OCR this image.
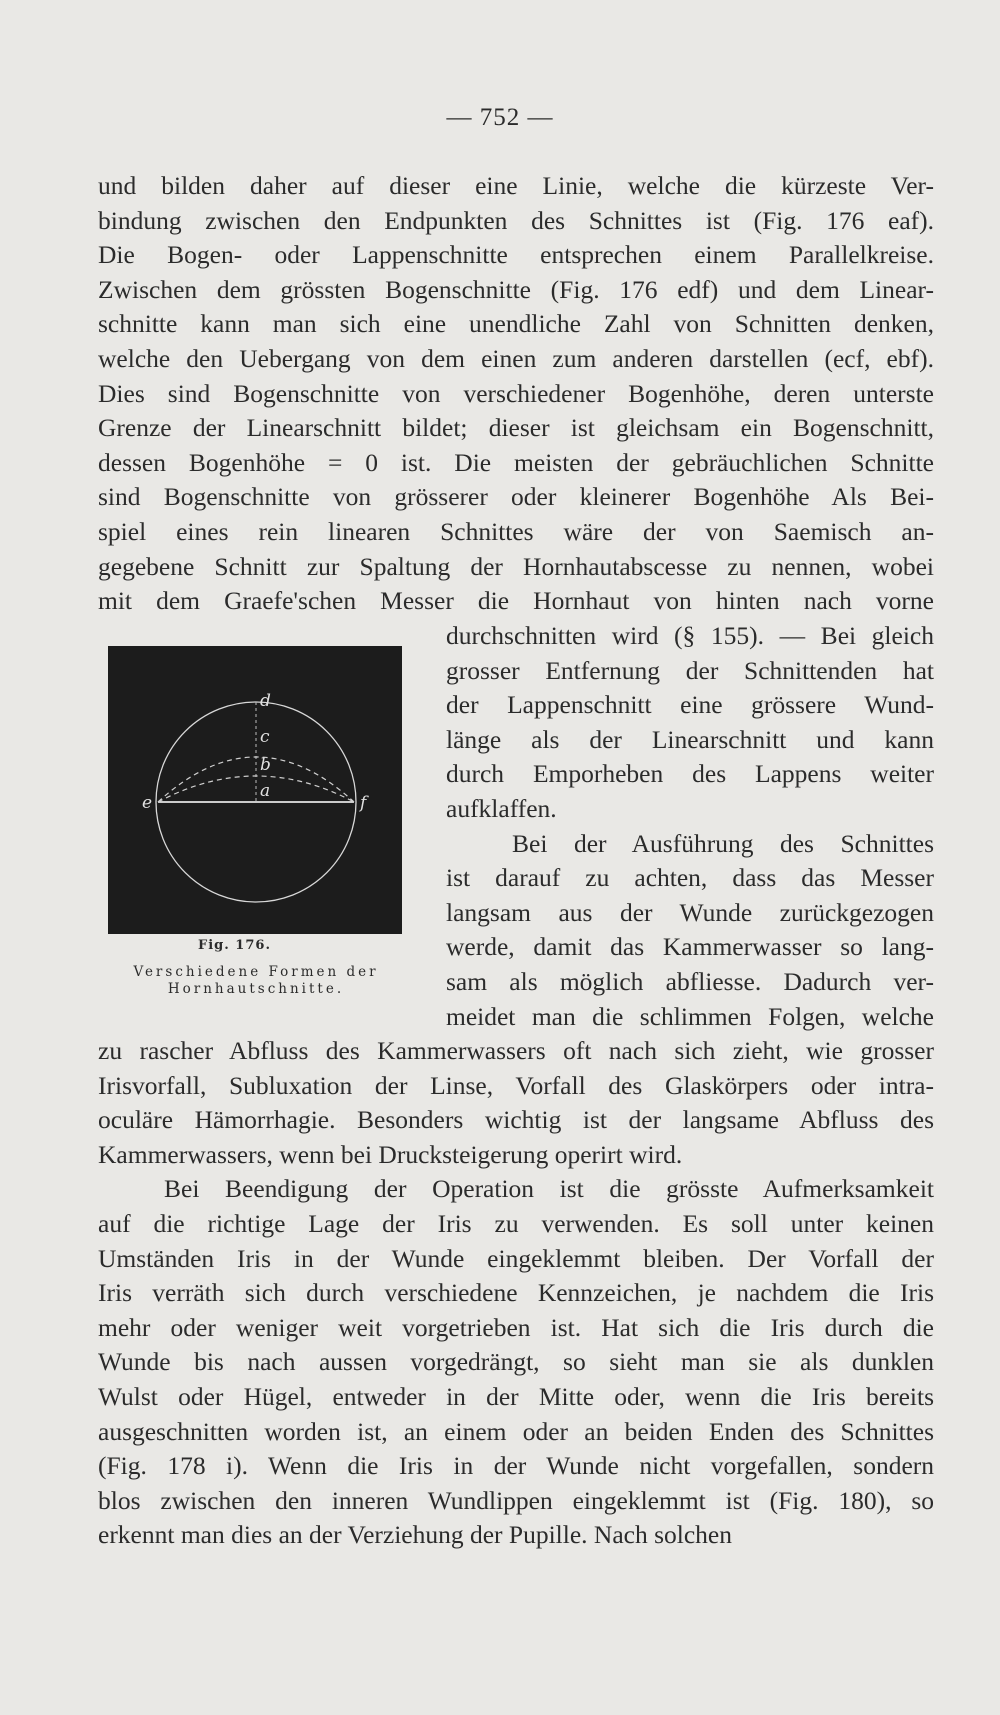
— 752 —
und bilden daher auf dieser eine Linie, welche die kürzeste Ver-
bindung zwischen den Endpunkten des Schnittes ist (Fig. 176 eaf).
Die Bogen- oder Lappenschnitte entsprechen einem Parallelkreise.
Zwischen dem grössten Bogenschnitte (Fig. 176 edf) und dem Linear-
schnitte kann man sich eine unendliche Zahl von Schnitten denken,
welche den Uebergang von dem einen zum anderen darstellen (ecf, ebf).
Dies sind Bogenschnitte von verschiedener Bogenhöhe, deren unterste
Grenze der Linearschnitt bildet; dieser ist gleichsam ein Bogenschnitt,
dessen Bogenhöhe = 0 ist. Die meisten der gebräuchlichen Schnitte
sind Bogenschnitte von grösserer oder kleinerer Bogenhöhe Als Bei-
spiel eines rein linearen Schnittes wäre der von Saemisch an-
gegebene Schnitt zur Spaltung der Hornhautabscesse zu nennen, wobei
mit dem Graefe'schen Messer die Hornhaut von hinten nach vorne
d
c
b
a
e	f
Fig. 176.
Verschiedene Formen der
Hornhautschnitte.
durchschnitten wird (§ 155). — Bei gleich
grosser Entfernung der Schnittenden hat
der Lappenschnitt eine grössere Wund-
länge als der Linearschnitt und kann
durch Emporheben des Lappens weiter
aufklaffen.
Bei der Ausführung des Schnittes
ist darauf zu achten, dass das Messer
langsam aus der Wunde zurückgezogen
werde, damit das Kammerwasser so lang-
sam als möglich abfliesse. Dadurch ver-
meidet man die schlimmen Folgen, welche
zu rascher Abfluss des Kammerwassers oft nach sich zieht, wie grosser
Irisvorfall, Subluxation der Linse, Vorfall des Glaskörpers oder intra-
oculäre Hämorrhagie. Besonders wichtig ist der langsame Abfluss des
Kammerwassers, wenn bei Drucksteigerung operirt wird.
Bei Beendigung der Operation ist die grösste Aufmerksamkeit
auf die richtige Lage der Iris zu verwenden. Es soll unter keinen
Umständen Iris in der Wunde eingeklemmt bleiben. Der Vorfall der
Iris verräth sich durch verschiedene Kennzeichen, je nachdem die Iris
mehr oder weniger weit vorgetrieben ist. Hat sich die Iris durch die
Wunde bis nach aussen vorgedrängt, so sieht man sie als dunklen
Wulst oder Hügel, entweder in der Mitte oder, wenn die Iris bereits
ausgeschnitten worden ist, an einem oder an beiden Enden des Schnittes
(Fig. 178 i). Wenn die Iris in der Wunde nicht vorgefallen, sondern
blos zwischen den inneren Wundlippen eingeklemmt ist (Fig. 180), so
erkennt man dies an der Verziehung der Pupille. Nach solchen
